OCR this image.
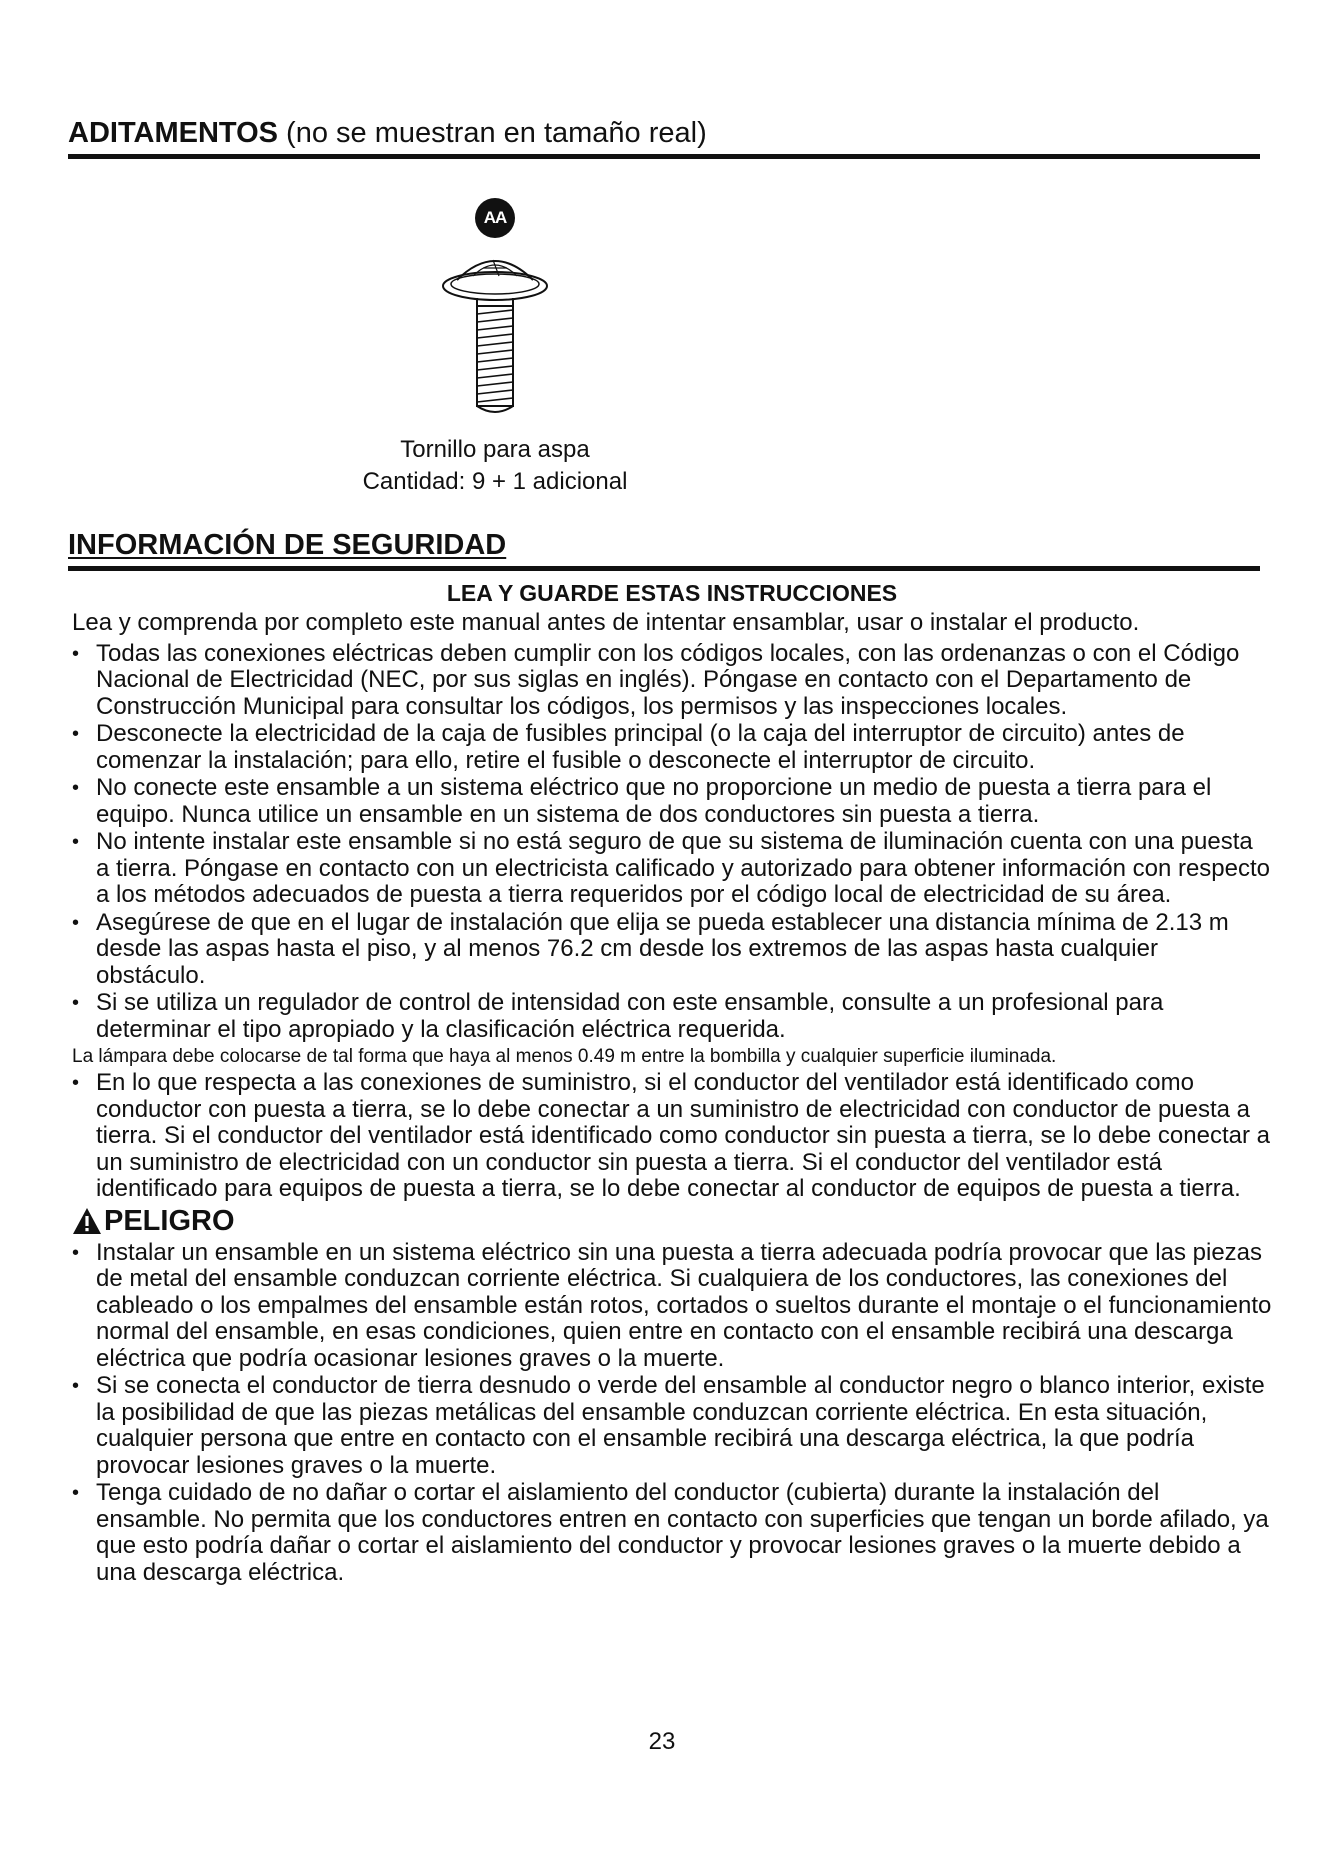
ADITAMENTOS (no se muestran en tamaño real)
AA
Tornillo para aspa
Cantidad: 9 + 1 adicional
INFORMACIÓN DE SEGURIDAD
LEA Y GUARDE ESTAS INSTRUCCIONES
Lea y comprenda por completo este manual antes de intentar ensamblar, usar o instalar el producto.
• Todas las conexiones eléctricas deben cumplir con los códigos locales, con las ordenanzas o con el Código Nacional de Electricidad (NEC, por sus siglas en inglés). Póngase en contacto con el Departamento de Construcción Municipal para consultar los códigos, los permisos y las inspecciones locales.
• Desconecte la electricidad de la caja de fusibles principal (o la caja del interruptor de circuito) antes de comenzar la instalación; para ello, retire el fusible o desconecte el interruptor de circuito.
• No conecte este ensamble a un sistema eléctrico que no proporcione un medio de puesta a tierra para el equipo. Nunca utilice un ensamble en un sistema de dos conductores sin puesta a tierra.
• No intente instalar este ensamble si no está seguro de que su sistema de iluminación cuenta con una puesta a tierra. Póngase en contacto con un electricista calificado y autorizado para obtener información con respecto a los métodos adecuados de puesta a tierra requeridos por el código local de electricidad de su área.
• Asegúrese de que en el lugar de instalación que elija se pueda establecer una distancia mínima de 2.13 m desde las aspas hasta el piso, y al menos 76.2 cm desde los extremos de las aspas hasta cualquier obstáculo.
• Si se utiliza un regulador de control de intensidad con este ensamble, consulte a un profesional para determinar el tipo apropiado y la clasificación eléctrica requerida.
La lámpara debe colocarse de tal forma que haya al menos 0.49 m entre la bombilla y cualquier superficie iluminada.
• En lo que respecta a las conexiones de suministro, si el conductor del ventilador está identificado como conductor con puesta a tierra, se lo debe conectar a un suministro de electricidad con conductor de puesta a tierra. Si el conductor del ventilador está identificado como conductor sin puesta a tierra, se lo debe conectar a un suministro de electricidad con un conductor sin puesta a tierra. Si el conductor del ventilador está identificado para equipos de puesta a tierra, se lo debe conectar al conductor de equipos de puesta a tierra.
PELIGRO
• Instalar un ensamble en un sistema eléctrico sin una puesta a tierra adecuada podría provocar que las piezas de metal del ensamble conduzcan corriente eléctrica. Si cualquiera de los conductores, las conexiones del cableado o los empalmes del ensamble están rotos, cortados o sueltos durante el montaje o el funcionamiento normal del ensamble, en esas condiciones, quien entre en contacto con el ensamble recibirá una descarga eléctrica que podría ocasionar lesiones graves o la muerte.
• Si se conecta el conductor de tierra desnudo o verde del ensamble al conductor negro o blanco interior, existe la posibilidad de que las piezas metálicas del ensamble conduzcan corriente eléctrica. En esta situación, cualquier persona que entre en contacto con el ensamble recibirá una descarga eléctrica, la que podría provocar lesiones graves o la muerte.
• Tenga cuidado de no dañar o cortar el aislamiento del conductor (cubierta) durante la instalación del ensamble. No permita que los conductores entren en contacto con superficies que tengan un borde afilado, ya que esto podría dañar o cortar el aislamiento del conductor y provocar lesiones graves o la muerte debido a una descarga eléctrica.
23
